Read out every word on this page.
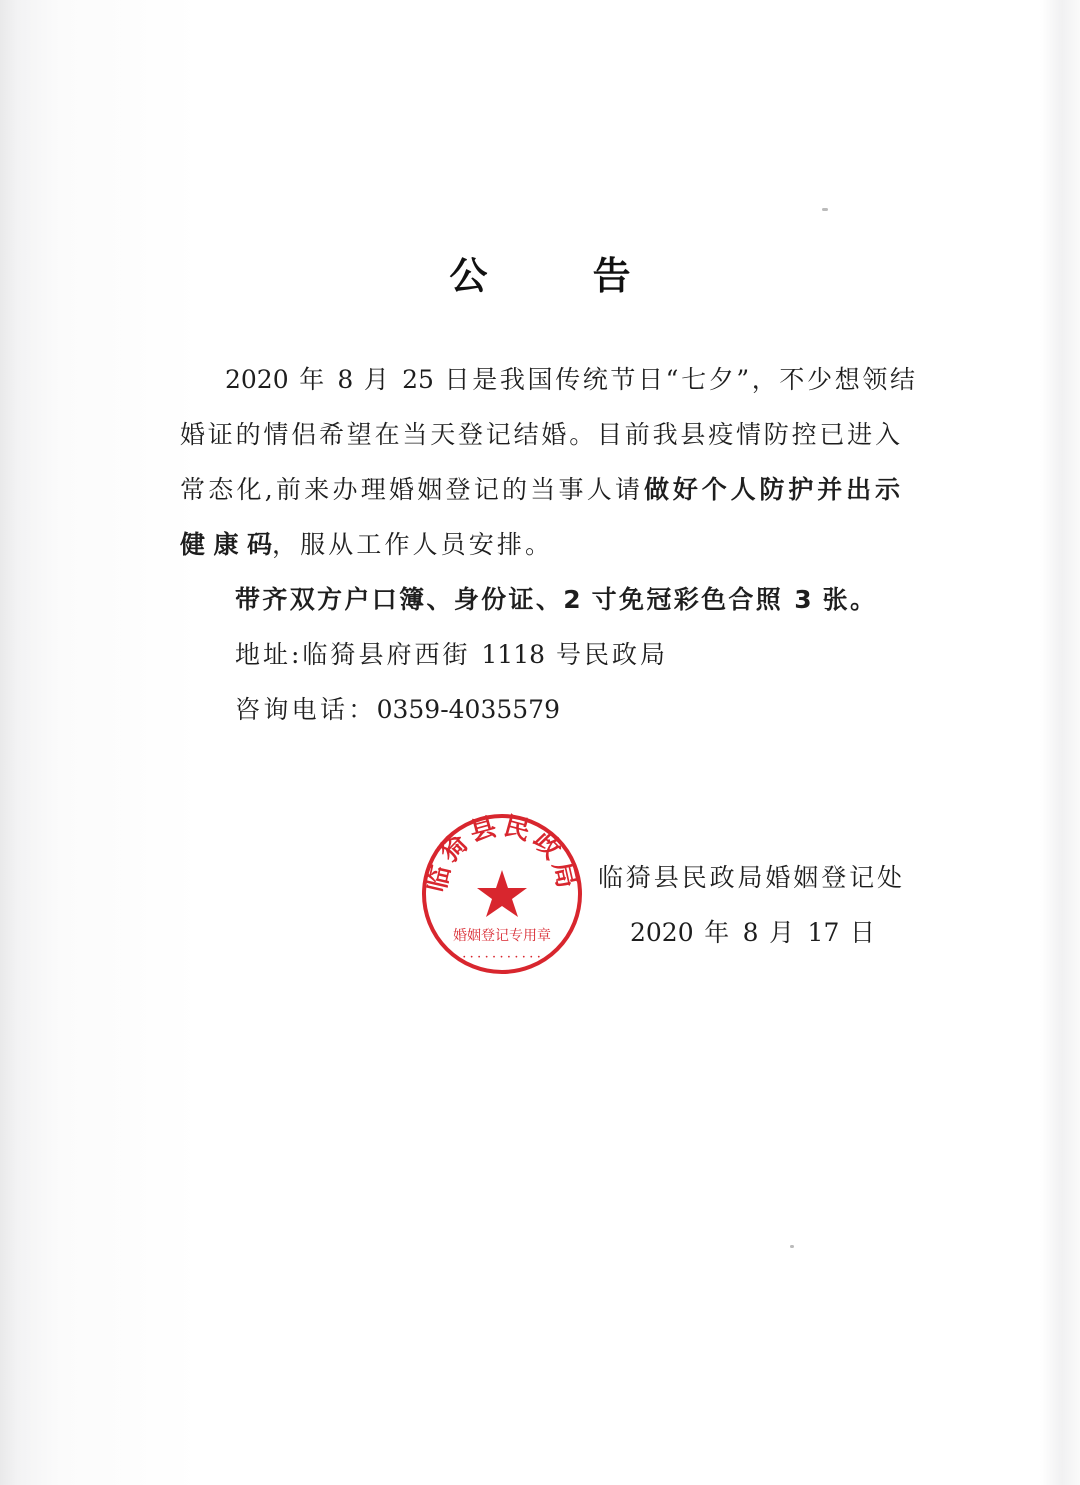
公 告
2020 年 8 月 25 日是我国传统节日“七夕”，不少想领结
婚证的情侣希望在当天登记结婚。目前我县疫情防控已进入
常态化,前来办理婚姻登记的当事人请 做好个人防护并出示
健康码 ，服从工作人员安排。
带齐双方户口簿、身份证、2 寸免冠彩色合照 3 张。
地址:临猗县府西街 1118 号民政局
咨询电话：0359-4035579
临猗县民政局婚姻登记处
2020 年 8 月 17 日
临猗县民政局
婚姻登记专用章
• • • • • • • • • • •
